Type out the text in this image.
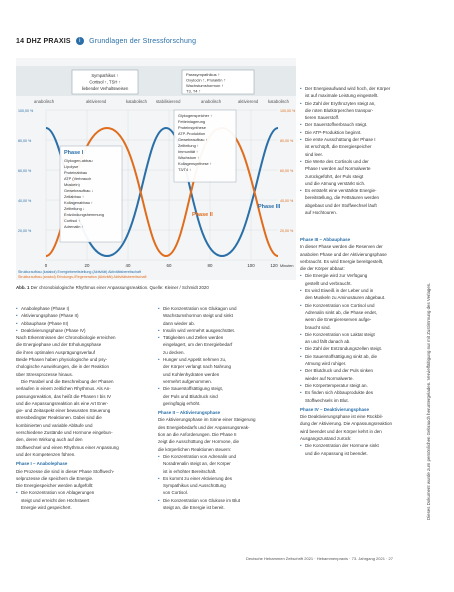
14 DHZ PRAXIS i Grundlagen der Stressforschung
Sympathikus ↑
Cortisol ↑, TSH ↑
liebender Verhaltsweisen
Parasympathikus ↑
Oxytocin ↑, Prolaktin ↑
Wachstumshormon ↑
T3, T4 ↑
anabolisch	aktivierend	katabolisch stabilisierend	anabolisch	aktivierend katabolisch
100,00 %
80,00 %
60,00 %
40,00 %
20,00 %
100,00 %
80,00 %
60,00 %
40,00 %
20,00 %
Phase I
Glykogen-abbau
Lipolyse
Proteinabbau
ATP (Verbrauch
Muskeln)
Gewebeaufbau ↓
Zellabbau ↑
Kollagenabbau ↑
Zellteilung ↓
Entzündungshemmung
Cortisol ↑
Adrenalin ↑
Glykogenspeicher ↑
Fetteinlagerung
Proteinsynthese
ATP-Produktion
Gewebeaufbau ↑
Zellteilung ↑
Immunität ↑
Wachstum ↑
Kollagensynthese ↑
T3/T4 ↑
Phase II
Phase III
0	20	40	60	80	100	120 Minuten
Strukturaufbau (katabol) Energiebereitstellung (Aktivität) Aktivitätsbereitschaft
Strukturaufbau (anabol) Erholungs-/Regeneration (Aktivität) Aktivitätsbereitschaft
Abb. 1 Der chronobiologische Rhythmus einer Anpassungsreaktion. Quelle: Kleiner / Schmidt 2020

• Anabolephase (Phase I)

• Aktivierungsphase (Phase II)

• Abbauphase (Phase III)

• Deaktivierungsphase (Phase IV)

Nach Erkenntnissen der Chronobiologie erreichen

die Energiephase und der Erholungsphase

die ihren optimalen Ausprägungsverlauf

Beide Phasen haben physiologische und psy-

chologische Auswirkungen, die in der Reaktion

über Stressprozesse hinaus.

Die Parabel und die Beschreibung der Phasen

verlaufen in einem zeitlichen Rhythmus. Als An-

passungsreaktion, das heißt die Phasen I bis IV

und die Anpassungsreaktion als eine Art Ener-

gie- und Zeitaspekt einer bewussten Steuerung

stressbedingter Reaktionen. Dabei sind die

kombinierten und variable Abläufe und

verschiedene Zustände und Hormone eingebun-

den, deren Wirkung auch auf den

Stoffwechsel und einen Rhythmus einer Anpassung

und der Kompetenzen führen.

Phase I – Anabolephase

Die Prozesse die sind in dieser Phase Stoffwech-

selprozesse die speichern die Energie.

Die Energiespeicher werden aufgefüllt:

• Die Konzentration von Ablagerungen

steigt und erreicht den Höchstwert

Energie wird gespeichert.

• Die Konzentration von Glukagon und

Wachstumshormon steigt und sinkt

dann wieder ab.

• Insulin wird vermehrt ausgeschüttet.

• Tätigkeiten und Zellen werden

eingelagert, um den Energiebedarf

zu decken.

• Hunger und Appetit nehmen zu,

der Körper verlangt nach Nahrung

und Kohlenhydraten werden

vermehrt aufgenommen.

• Die Sauerstoffsättigung steigt,

der Puls und Blutdruck sind

geringfügig erhöht.

Phase II – Aktivierungsphase

Die Aktivierungsphase im Sinne einer Steigerung

des Energiebedarfs und der Anpassungsreak-

tion an die Anforderungen. Die Phase II

zeigt die Ausschüttung der Hormone, die

die körperlichen Reaktionen steuern:

• Die Konzentration von Adrenalin und

Noradrenalin steigt an, der Körper

ist in erhöhter Bereitschaft.

• Es kommt zu einer Aktivierung des

Sympathikus und Ausschüttung

von Cortisol.

• Die Konzentration von Glukose im Blut

steigt an, die Energie ist bereit.

• Der Energieaufwand wird hoch, der Körper

ist auf maximale Leistung eingestellt.

• Die Zahl der Erythrozyten steigt an,

die roten Blutkörperchen transpor-

tieren Sauerstoff.

• Der Sauerstoffverbrauch steigt.

• Die ATP-Produktion beginnt.

• Die erste Ausschüttung der Phase I

ist erschöpft, die Energiespeicher

sind leer.

• Die Werte des Cortisols und der

Phase I werden auf Normalwerte

zurückgeführt, der Puls steigt

und die Atmung verstärkt sich.

• Es entsteht eine verstärkte Energie-

bereitstellung, die Fettsäuren werden

abgebaut und der Stoffwechsel läuft

auf Hochtouren.

Phase III – Abbauphase

In dieser Phase werden die Reserven der

anabolen Phase und der Aktivierungsphase

verbraucht. Es wird Energie bereitgestellt,

die der Körper abbaut:

• Die Energie wird zur Verfügung

gestellt und verbraucht.

• Es wird Eiweiß in der Leber und in

den Muskeln zu Aminosäuren abgebaut.

• Die Konzentration von Cortisol und

Adrenalin sinkt ab, die Phase endet,

wenn die Energiereserven aufge-

braucht sind.

• Die Konzentration von Laktat steigt

an und fällt danach ab.

• Die Zahl der Entzündungszellen steigt.

• Die Sauerstoffsättigung sinkt ab, die

Atmung wird ruhiger.

• Der Blutdruck und der Puls sinken

wieder auf Normalwerte.

• Die Körpertemperatur steigt an.

• Es finden sich Abbauprodukte des

Stoffwechsels im Blut.

Phase IV – Deaktivierungsphase

Die Deaktivierungsphase ist eine Rückbil-

dung der Aktivierung. Die Anpassungsreaktion

wird beendet und der Körper kehrt in den

Ausgangszustand zurück:

• Die Konzentration der Hormone sinkt

und die Anpassung ist beendet.	Dieses Dokument wurde zum persönlichen Gebrauch heruntergeladen. Vervielfältigung nur mit Zustimmung des Verlages.
Deutsche Hebammen Zeitschrift 2021 · Hebammenpraxis · 73. Jahrgang 2021 · 27
